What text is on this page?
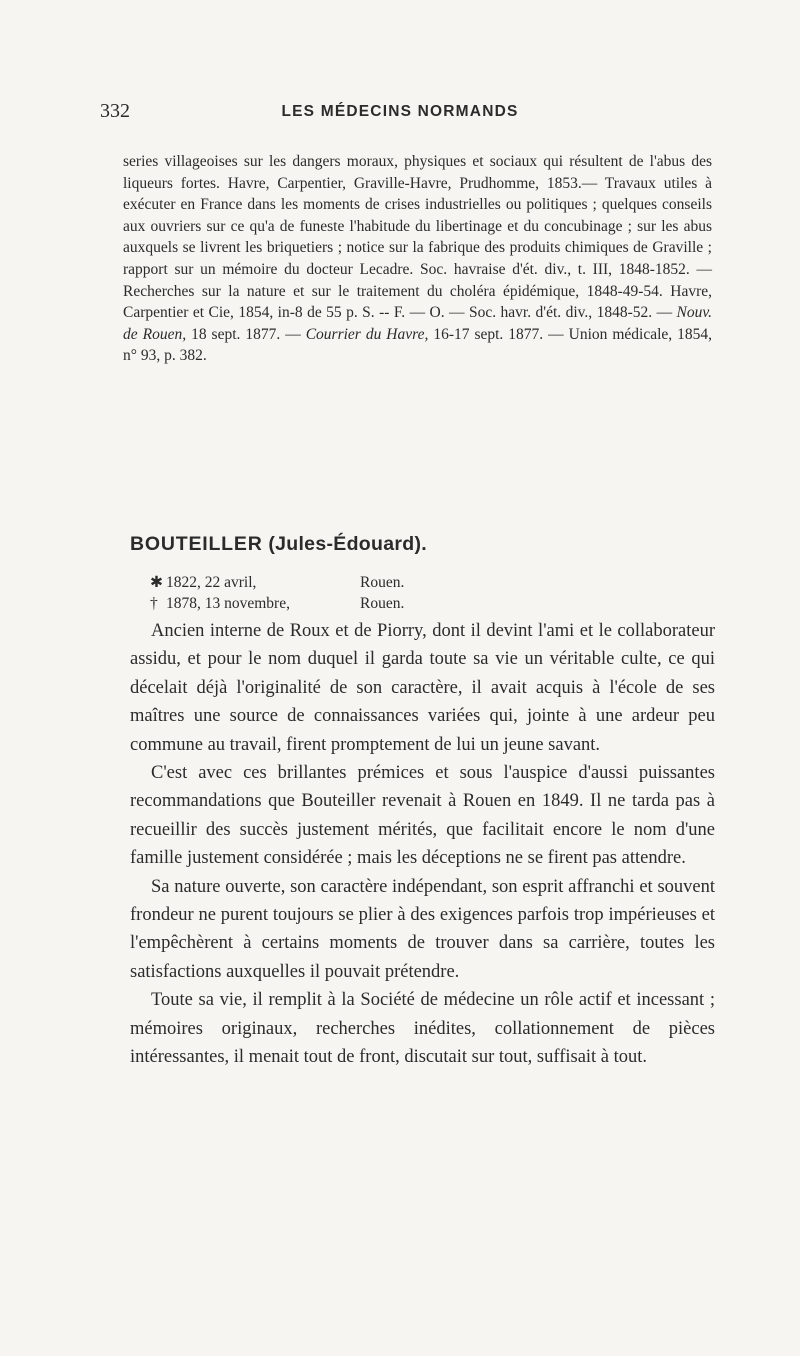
332	LES MÉDECINS NORMANDS

series villageoises sur les dangers moraux, physiques et sociaux qui résultent de l'abus des liqueurs fortes. Havre, Carpentier, Graville-Havre, Prudhomme, 1853.— Travaux utiles à exécuter en France dans les moments de crises industrielles ou politiques ; quelques conseils aux ouvriers sur ce qu'a de funeste l'habitude du libertinage et du concubinage ; sur les abus auxquels se livrent les briquetiers ; notice sur la fabrique des produits chimiques de Graville ; rapport sur un mémoire du docteur Lecadre. Soc. havraise d'ét. div., t. III, 1848-1852. — Recherches sur la nature et sur le traitement du choléra épidémique, 1848-49-54. Havre, Carpentier et Cie, 1854, in-8 de 55 p. S. -- F. — O. — Soc. havr. d'ét. div., 1848-52. — Nouv. de Rouen, 18 sept. 1877. — Courrier du Havre, 16-17 sept. 1877. — Union médicale, 1854, n° 93, p. 382.

BOUTEILLER (Jules-Édouard).
✱ 1822, 22 avril,	Rouen.
† 1878, 13 novembre,	Rouen.

Ancien interne de Roux et de Piorry, dont il devint l'ami et le collaborateur assidu, et pour le nom duquel il garda toute sa vie un véritable culte, ce qui décelait déjà l'originalité de son caractère, il avait acquis à l'école de ses maîtres une source de connaissances variées qui, jointe à une ardeur peu commune au travail, firent promptement de lui un jeune savant.

C'est avec ces brillantes prémices et sous l'auspice d'aussi puissantes recommandations que Bouteiller revenait à Rouen en 1849. Il ne tarda pas à recueillir des succès justement mérités, que facilitait encore le nom d'une famille justement considérée ; mais les déceptions ne se firent pas attendre.

Sa nature ouverte, son caractère indépendant, son esprit affranchi et souvent frondeur ne purent toujours se plier à des exigences parfois trop impérieuses et l'empêchèrent à certains moments de trouver dans sa carrière, toutes les satisfactions auxquelles il pouvait prétendre.

Toute sa vie, il remplit à la Société de médecine un rôle actif et incessant ; mémoires originaux, recherches inédites, collationnement de pièces intéressantes, il menait tout de front, discutait sur tout, suffisait à tout.
